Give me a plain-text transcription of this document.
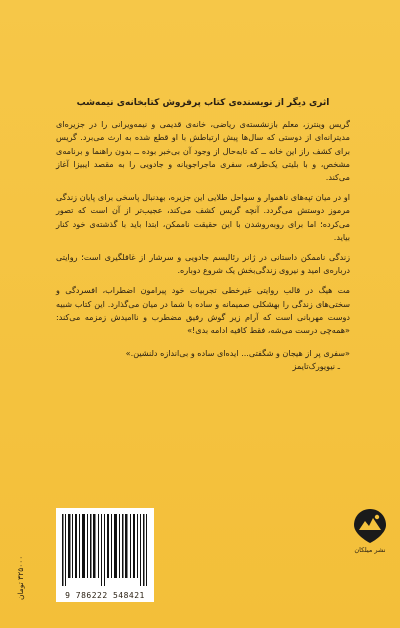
اثری دیگر از نویسنده‌ی کتاب پرفروش کتابخانه‌ی نیمه‌شب

گریس وینترز، معلم بازنشسته‌ی ریاضی، خانه‌ی قدیمی و نیمه‌ویرانی را در جزیره‌ای مدیترانه‌ای از دوستی که سال‌ها پیش ارتباطش با او قطع شده به ارث می‌برد. گریس برای کشف راز این خانه ــ که تابه‌حال از وجود آن بی‌خبر بوده ــ بدون راهنما و برنامه‌ی مشخص، و با بلیتی یک‌طرفه، سفری ماجراجویانه و جادویی را به مقصد ایبیزا آغاز می‌کند.

او در میان تپه‌های ناهموار و سواحل طلایی این جزیره، بهدنبال پاسخی برای پایان زندگی مرموز دوستش می‌گردد. آنچه گریس کشف می‌کند، عجیب‌تر از آن است که تصور می‌کرده؛ اما برای روبه‌روشدن با این حقیقت ناممکن، ابتدا باید با گذشته‌ی خود کنار بیاید.

زندگی ناممکن داستانی در ژانر رئالیسم جادویی و سرشار از غافلگیری است؛ روایتی درباره‌ی امید و نیروی زندگی‌بخش یک شروع دوباره.

مت هیگ در قالب روایتی غیرخطی تجربیات خود پیرامون اضطراب، افسردگی و سختی‌های زندگی را بهشکلی صمیمانه و ساده با شما در میان می‌گذارد. این کتاب شبیه دوست مهربانی است که آرام زیر گوش رفیق مضطرب و ناامیدش زمزمه می‌کند: «همه‌چی درست می‌شه، فقط کافیه ادامه بدی!»

«سفری پر از هیجان و شگفتی... ایده‌ای ساده و بی‌اندازه دلنشین.»

ـ نیویورک‌تایمز

۳۲۵۰۰۰ تومان
9 786222 548421
نشر میلکان
